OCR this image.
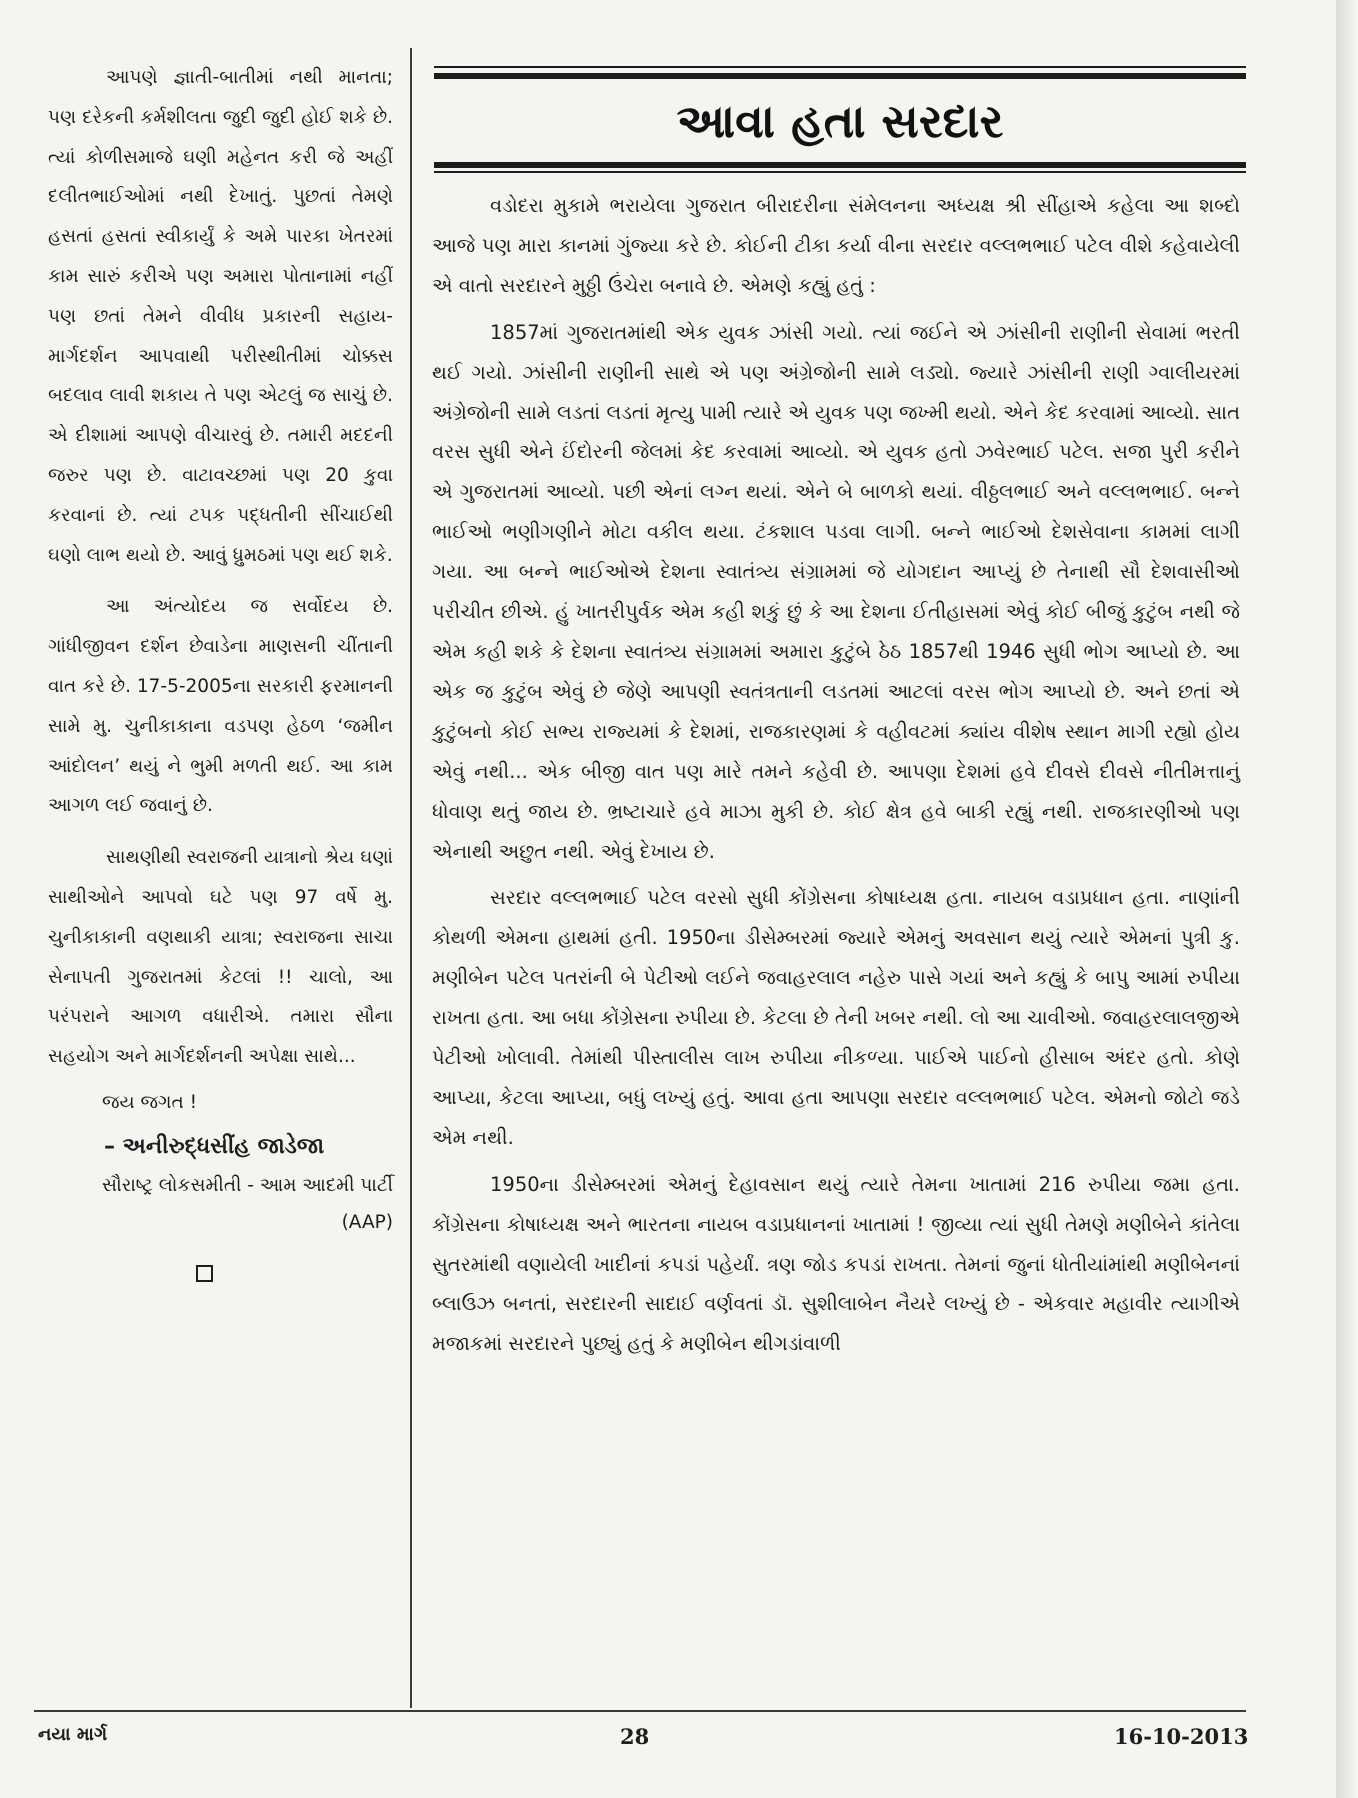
આપણે જ્ઞાતી-બાતીમાં નથી માનતા; પણ દરેકની કર્મશીલતા જુદી જુદી હોઈ શકે છે. ત્યાં કોળીસમાજે ઘણી મહેનત કરી જે અહીં દલીતભાઈઓમાં નથી દેખાતું. પુછતાં તેમણે હસતાં હસતાં સ્વીકાર્યું કે અમે પારકા ખેતરમાં કામ સારું કરીએ પણ અમારા પોતાનામાં નહીં પણ છતાં તેમને વીવીધ પ્રકારની સહાય-માર્ગદર્શન આપવાથી પરીસ્થીતીમાં ચોક્કસ બદલાવ લાવી શકાય તે પણ એટલું જ સાચું છે. એ દીશામાં આપણે વીચારવું છે. તમારી મદદની જરુર પણ છે. વાટાવચ્છમાં પણ 20 કુવા કરવાનાં છે. ત્યાં ટપક પદ્ધતીની સીંચાઈથી ઘણો લાભ થયો છે. આવું ધ્રુમઠમાં પણ થઈ શકે.

આ અંત્યોદય જ સર્વોદય છે. ગાંધીજીવન દર્શન છેવાડેના માણસની ચીંતાની વાત કરે છે. 17-5-2005ના સરકારી ફરમાનની સામે મુ. ચુનીકાકાના વડપણ હેઠળ ‘જમીન આંદોલન’ થયું ને ભુમી મળતી થઈ. આ કામ આગળ લઈ જવાનું છે.

સાથણીથી સ્વરાજની યાત્રાનો શ્રેય ઘણાં સાથીઓને આપવો ઘટે પણ 97 વર્ષે મુ. ચુનીકાકાની વણથાકી યાત્રા; સ્વરાજના સાચા સેનાપતી ગુજરાતમાં કેટલાં !! ચાલો, આ પરંપરાને આગળ વધારીએ. તમારા સૌના સહયોગ અને માર્ગદર્શનની અપેક્ષા સાથે...

જય જગત !

– અનીરુદ્ધસીંહ જાડેજા
સૌરાષ્ટ્ર લોકસમીતી - આમ આદમી પાર્ટી (AAP)
આવા હતા સરદાર

વડોદરા મુકામે ભરાયેલા ગુજરાત બીરાદરીના સંમેલનના અધ્યક્ષ શ્રી સીંહાએ કહેલા આ શબ્દો આજે પણ મારા કાનમાં ગુંજ્યા કરે છે. કોઈની ટીકા કર્યા વીના સરદાર વલ્લભભાઈ પટેલ વીશે કહેવાયેલી એ વાતો સરદારને મુઠ્ઠી ઉંચેરા બનાવે છે. એમણે કહ્યું હતું :

1857માં ગુજરાતમાંથી એક યુવક ઝાંસી ગયો. ત્યાં જઈને એ ઝાંસીની રાણીની સેવામાં ભરતી થઈ ગયો. ઝાંસીની રાણીની સાથે એ પણ અંગ્રેજોની સામે લડ્યો. જ્યારે ઝાંસીની રાણી ગ્વાલીયરમાં અંગ્રેજોની સામે લડતાં લડતાં મૃત્યુ પામી ત્યારે એ યુવક પણ જખ્મી થયો. એને કેદ કરવામાં આવ્યો. સાત વરસ સુધી એને ઈંદોરની જેલમાં કેદ કરવામાં આવ્યો. એ યુવક હતો ઝવેરભાઈ પટેલ. સજા પુરી કરીને એ ગુજરાતમાં આવ્યો. પછી એનાં લગ્ન થયાં. એને બે બાળકો થયાં. વીઠ્ઠલભાઈ અને વલ્લભભાઈ. બન્ને ભાઈઓ ભણીગણીને મોટા વકીલ થયા. ટંકશાલ પડવા લાગી. બન્ને ભાઈઓ દેશસેવાના કામમાં લાગી ગયા. આ બન્ને ભાઈઓએ દેશના સ્વાતંત્ર્ય સંગ્રામમાં જે યોગદાન આપ્યું છે તેનાથી સૌ દેશવાસીઓ પરીચીત છીએ. હું ખાતરીપુર્વક એમ કહી શકું છું કે આ દેશના ઈતીહાસમાં એવું કોઈ બીજું કુટુંબ નથી જે એમ કહી શકે કે દેશના સ્વાતંત્ર્ય સંગ્રામમાં અમારા કુટુંબે ઠેઠ 1857થી 1946 સુધી ભોગ આપ્યો છે. આ એક જ કુટુંબ એવું છે જેણે આપણી સ્વતંત્રતાની લડતમાં આટલાં વરસ ભોગ આપ્યો છે. અને છતાં એ કુટુંબનો કોઈ સભ્ય રાજ્યમાં કે દેશમાં, રાજકારણમાં કે વહીવટમાં ક્યાંય વીશેષ સ્થાન માગી રહ્યો હોય એવું નથી... એક બીજી વાત પણ મારે તમને કહેવી છે. આપણા દેશમાં હવે દીવસે દીવસે નીતીમત્તાનું ધોવાણ થતું જાય છે. ભ્રષ્ટાચારે હવે માઝા મુકી છે. કોઈ ક્ષેત્ર હવે બાકી રહ્યું નથી. રાજકારણીઓ પણ એનાથી અછુત નથી. એવું દેખાય છે.

સરદાર વલ્લભભાઈ પટેલ વરસો સુધી કોંગ્રેસના કોષાધ્યક્ષ હતા. નાયબ વડાપ્રધાન હતા. નાણાંની કોથળી એમના હાથમાં હતી. 1950ના ડીસેમ્બરમાં જ્યારે એમનું અવસાન થયું ત્યારે એમનાં પુત્રી કુ. મણીબેન પટેલ પતરાંની બે પેટીઓ લઈને જવાહરલાલ નહેરુ પાસે ગયાં અને કહ્યું કે બાપુ આમાં રુપીયા રાખતા હતા. આ બધા કોંગ્રેસના રુપીયા છે. કેટલા છે તેની ખબર નથી. લો આ ચાવીઓ. જવાહરલાલજીએ પેટીઓ ખોલાવી. તેમાંથી પીસ્તાલીસ લાખ રુપીયા નીકળ્યા. પાઈએ પાઈનો હીસાબ અંદર હતો. કોણે આપ્યા, કેટલા આપ્યા, બધું લખ્યું હતું. આવા હતા આપણા સરદાર વલ્લભભાઈ પટેલ. એમનો જોટો જડે એમ નથી.

1950ના ડીસેમ્બરમાં એમનું દેહાવસાન થયું ત્યારે તેમના ખાતામાં 216 રુપીયા જમા હતા. કોંગ્રેસના કોષાધ્યક્ષ અને ભારતના નાયબ વડાપ્રધાનનાં ખાતામાં ! જીવ્યા ત્યાં સુધી તેમણે મણીબેને કાંતેલા સુતરમાંથી વણાયેલી ખાદીનાં કપડાં પહેર્યાં. ત્રણ જોડ કપડાં રાખતા. તેમનાં જુનાં ધોતીયાંમાંથી મણીબેનનાં બ્લાઉઝ બનતાં, સરદારની સાદાઈ વર્ણવતાં ડૉ. સુશીલાબેન નૈયરે લખ્યું છે - એકવાર મહાવીર ત્યાગીએ મજાકમાં સરદારને પુછ્યું હતું કે મણીબેન થીગડાંવાળી

નયા માર્ગ	28	16-10-2013
